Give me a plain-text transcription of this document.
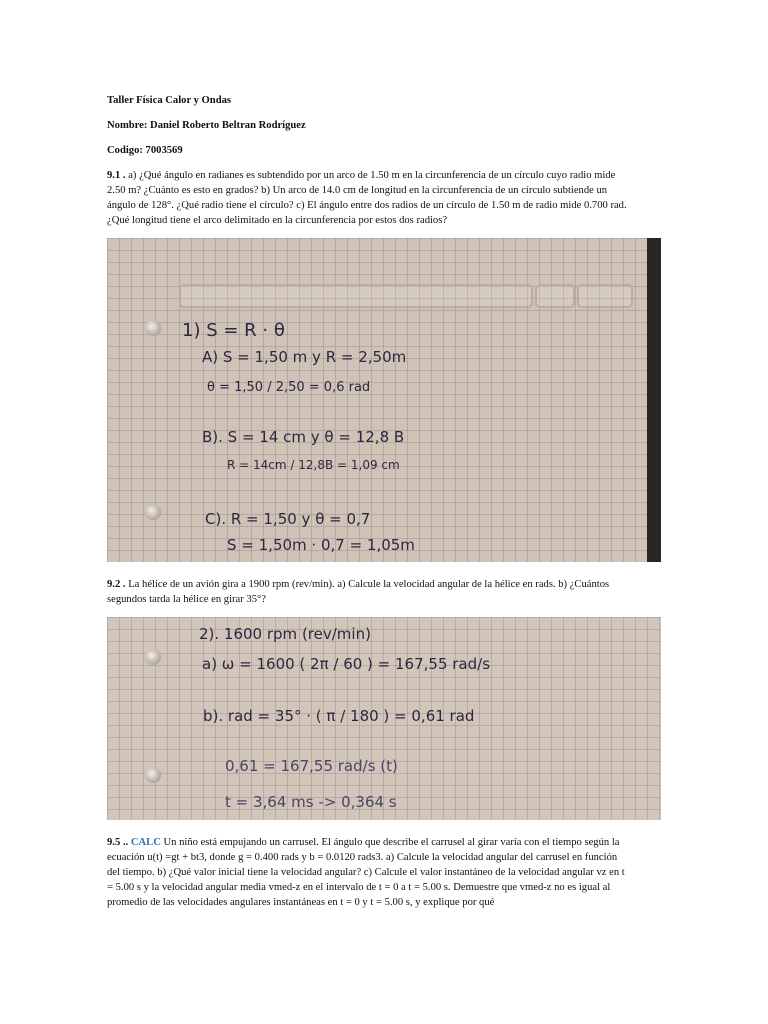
Taller Física Calor y Ondas

Nombre: Daniel Roberto Beltran Rodríguez

Codigo: 7003569

9.1 . a) ¿Qué ángulo en radianes es subtendido por un arco de 1.50 m en la circunferencia de un círculo cuyo radio mide

2.50 m? ¿Cuánto es esto en grados? b) Un arco de 14.0 cm de longitud en la circunferencia de un círculo subtiende un

ángulo de 128°. ¿Qué radio tiene el círculo? c) El ángulo entre dos radios de un círculo de 1.50 m de radio mide 0.700 rad.

¿Qué longitud tiene el arco delimitado en la circunferencia por estos dos radios?

1) S = R · θ
A) S = 1,50 m y R = 2,50m
θ = 1,50 / 2,50 = 0,6 rad
B). S = 14 cm y θ = 12,8 B
R = 14cm / 12,8B = 1,09 cm
C). R = 1,50 y θ = 0,7
S = 1,50m · 0,7 = 1,05m

9.2 . La hélice de un avión gira a 1900 rpm (rev/min). a) Calcule la velocidad angular de la hélice en rads. b) ¿Cuántos

segundos tarda la hélice en girar 35°?

2). 1600 rpm (rev/min)
a) ω = 1600 ( 2π / 60 ) = 167,55 rad/s
b). rad = 35° · ( π / 180 ) = 0,61 rad
0,61 = 167,55 rad/s (t)
t = 3,64 ms -> 0,364 s

9.5 .. CALC Un niño está empujando un carrusel. El ángulo que describe el carrusel al girar varía con el tiempo según la

ecuación u(t) =gt + bt3, donde g = 0.400 rads y b = 0.0120 rads3. a) Calcule la velocidad angular del carrusel en función

del tiempo. b) ¿Qué valor inicial tiene la velocidad angular? c) Calcule el valor instantáneo de la velocidad angular vz en t

= 5.00 s y la velocidad angular media vmed-z en el intervalo de t = 0 a t = 5.00 s. Demuestre que vmed-z no es igual al

promedio de las velocidades angulares instantáneas en t = 0 y t = 5.00 s, y explique por qué
